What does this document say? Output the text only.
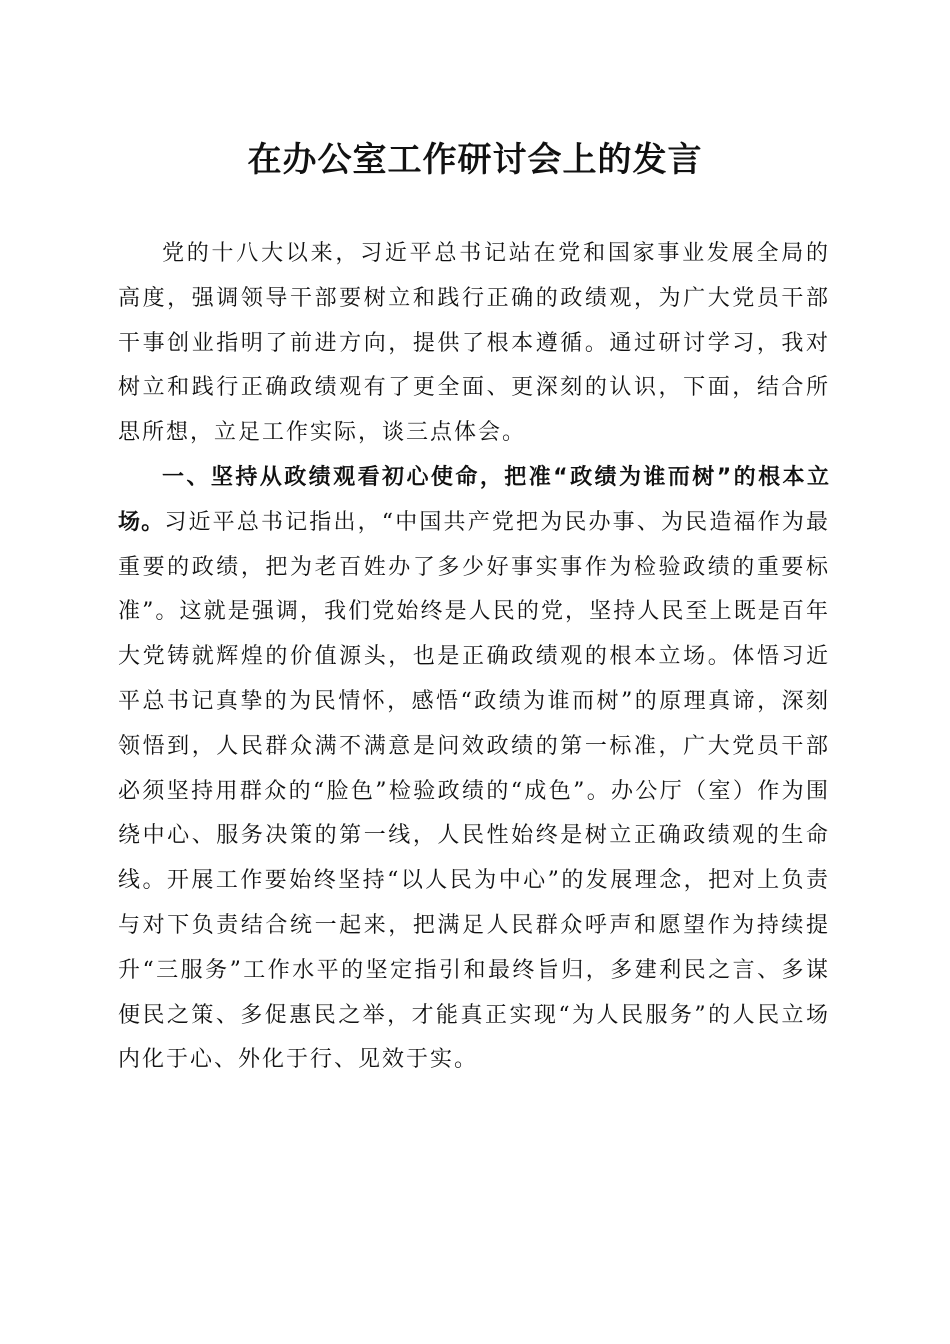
在办公室工作研讨会上的发言

党的十八大以来，习近平总书记站在党和国家事业发展全局的高度，强调领导干部要树立和践行正确的政绩观，为广大党员干部干事创业指明了前进方向，提供了根本遵循。通过研讨学习，我对树立和践行正确政绩观有了更全面、更深刻的认识，下面，结合所思所想，立足工作实际，谈三点体会。

一、坚持从政绩观看初心使命，把准“政绩为谁而树”的根本立场。习近平总书记指出，“中国共产党把为民办事、为民造福作为最重要的政绩，把为老百姓办了多少好事实事作为检验政绩的重要标准”。这就是强调，我们党始终是人民的党，坚持人民至上既是百年大党铸就辉煌的价值源头，也是正确政绩观的根本立场。体悟习近平总书记真挚的为民情怀，感悟“政绩为谁而树”的原理真谛，深刻领悟到，人民群众满不满意是问效政绩的第一标准，广大党员干部必须坚持用群众的“脸色”检验政绩的“成色”。办公厅（室）作为围绕中心、服务决策的第一线，人民性始终是树立正确政绩观的生命线。开展工作要始终坚持“以人民为中心”的发展理念，把对上负责与对下负责结合统一起来，把满足人民群众呼声和愿望作为持续提升“三服务”工作水平的坚定指引和最终旨归，多建利民之言、多谋便民之策、多促惠民之举，才能真正实现“为人民服务”的人民立场内化于心、外化于行、见效于实。
